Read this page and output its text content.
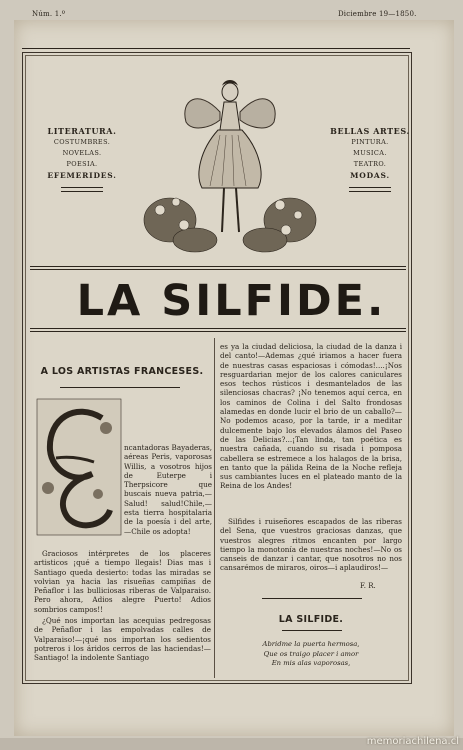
Núm. 1.º	Diciembre 19—1850.
LITERATURA.
COSTUMBRES.
NOVELAS.
POESIA.
EFEMERIDES.
BELLAS ARTES.
PINTURA.
MUSICA.
TEATRO.
MODAS.
LA SILFIDE.
A LOS ARTISTAS FRANCESES.
ncantadoras Bayaderas, aéreas Peris, vaporosas Willis, a vosotros hijos de Euterpe i Therpsicore que buscais nueva patria,—Salud! salud!Chile,—esta tierra hospitalaria de la poesía i del arte,—Chile os adopta!
Graciosos intérpretes de los placeres artisticos ¡qué a tiempo llegais! Dias mas i Santiago queda desierto: todas las miradas se volvian ya hacia las risueñas campiñas de Peñaflor i las bulliciosas riberas de Valparaiso. Pero ahora, Adios alegre Puerto! Adios sombrios campos!!
¿Qué nos importan las acequias pedregosas de Peñaflor i las empolvadas calles de Valparaiso!—¡qué nos importan los sedientos potreros i los áridos cerros de las haciendas!—Santiago! la indolente Santiago
es ya la ciudad deliciosa, la ciudad de la danza i del canto!—Ademas ¿qué iriamos a hacer fuera de nuestras casas espaciosas i cómodas!....¡Nos resguardarian mejor de los calores caniculares esos techos rústicos i desmantelados de las silenciosas chacras? ¡No tenemos aquí cerca, en los caminos de Colina i del Salto frondosas alamedas en donde lucir el brio de un caballo?—No podemos acaso, por la tarde, ir a meditar dulcemente bajo los elevados álamos del Paseo de las Delicias?...¡Tan linda, tan poética es nuestra cañada, cuando su risada i pomposa cabellera se estremece a los halagos de la brisa, en tanto que la pálida Reina de la Noche refleja sus cambiantes luces en el plateado manto de la Reina de los Andes!
Silfides i ruiseñores escapados de las riberas del Sena, que vuestros graciosas danzas, que vuestros alegres ritmos encanten por largo tiempo la monotonía de nuestras noches!—No os canseis de danzar i cantar, que nosotros no nos cansarémos de miraros, oiros—i aplaudiros!—
F. R.
LA SILFIDE.
Abridme la puerta hermosa,
Que os traigo placer i amor
En mis alas vaporosas,
memoriachilena.cl
